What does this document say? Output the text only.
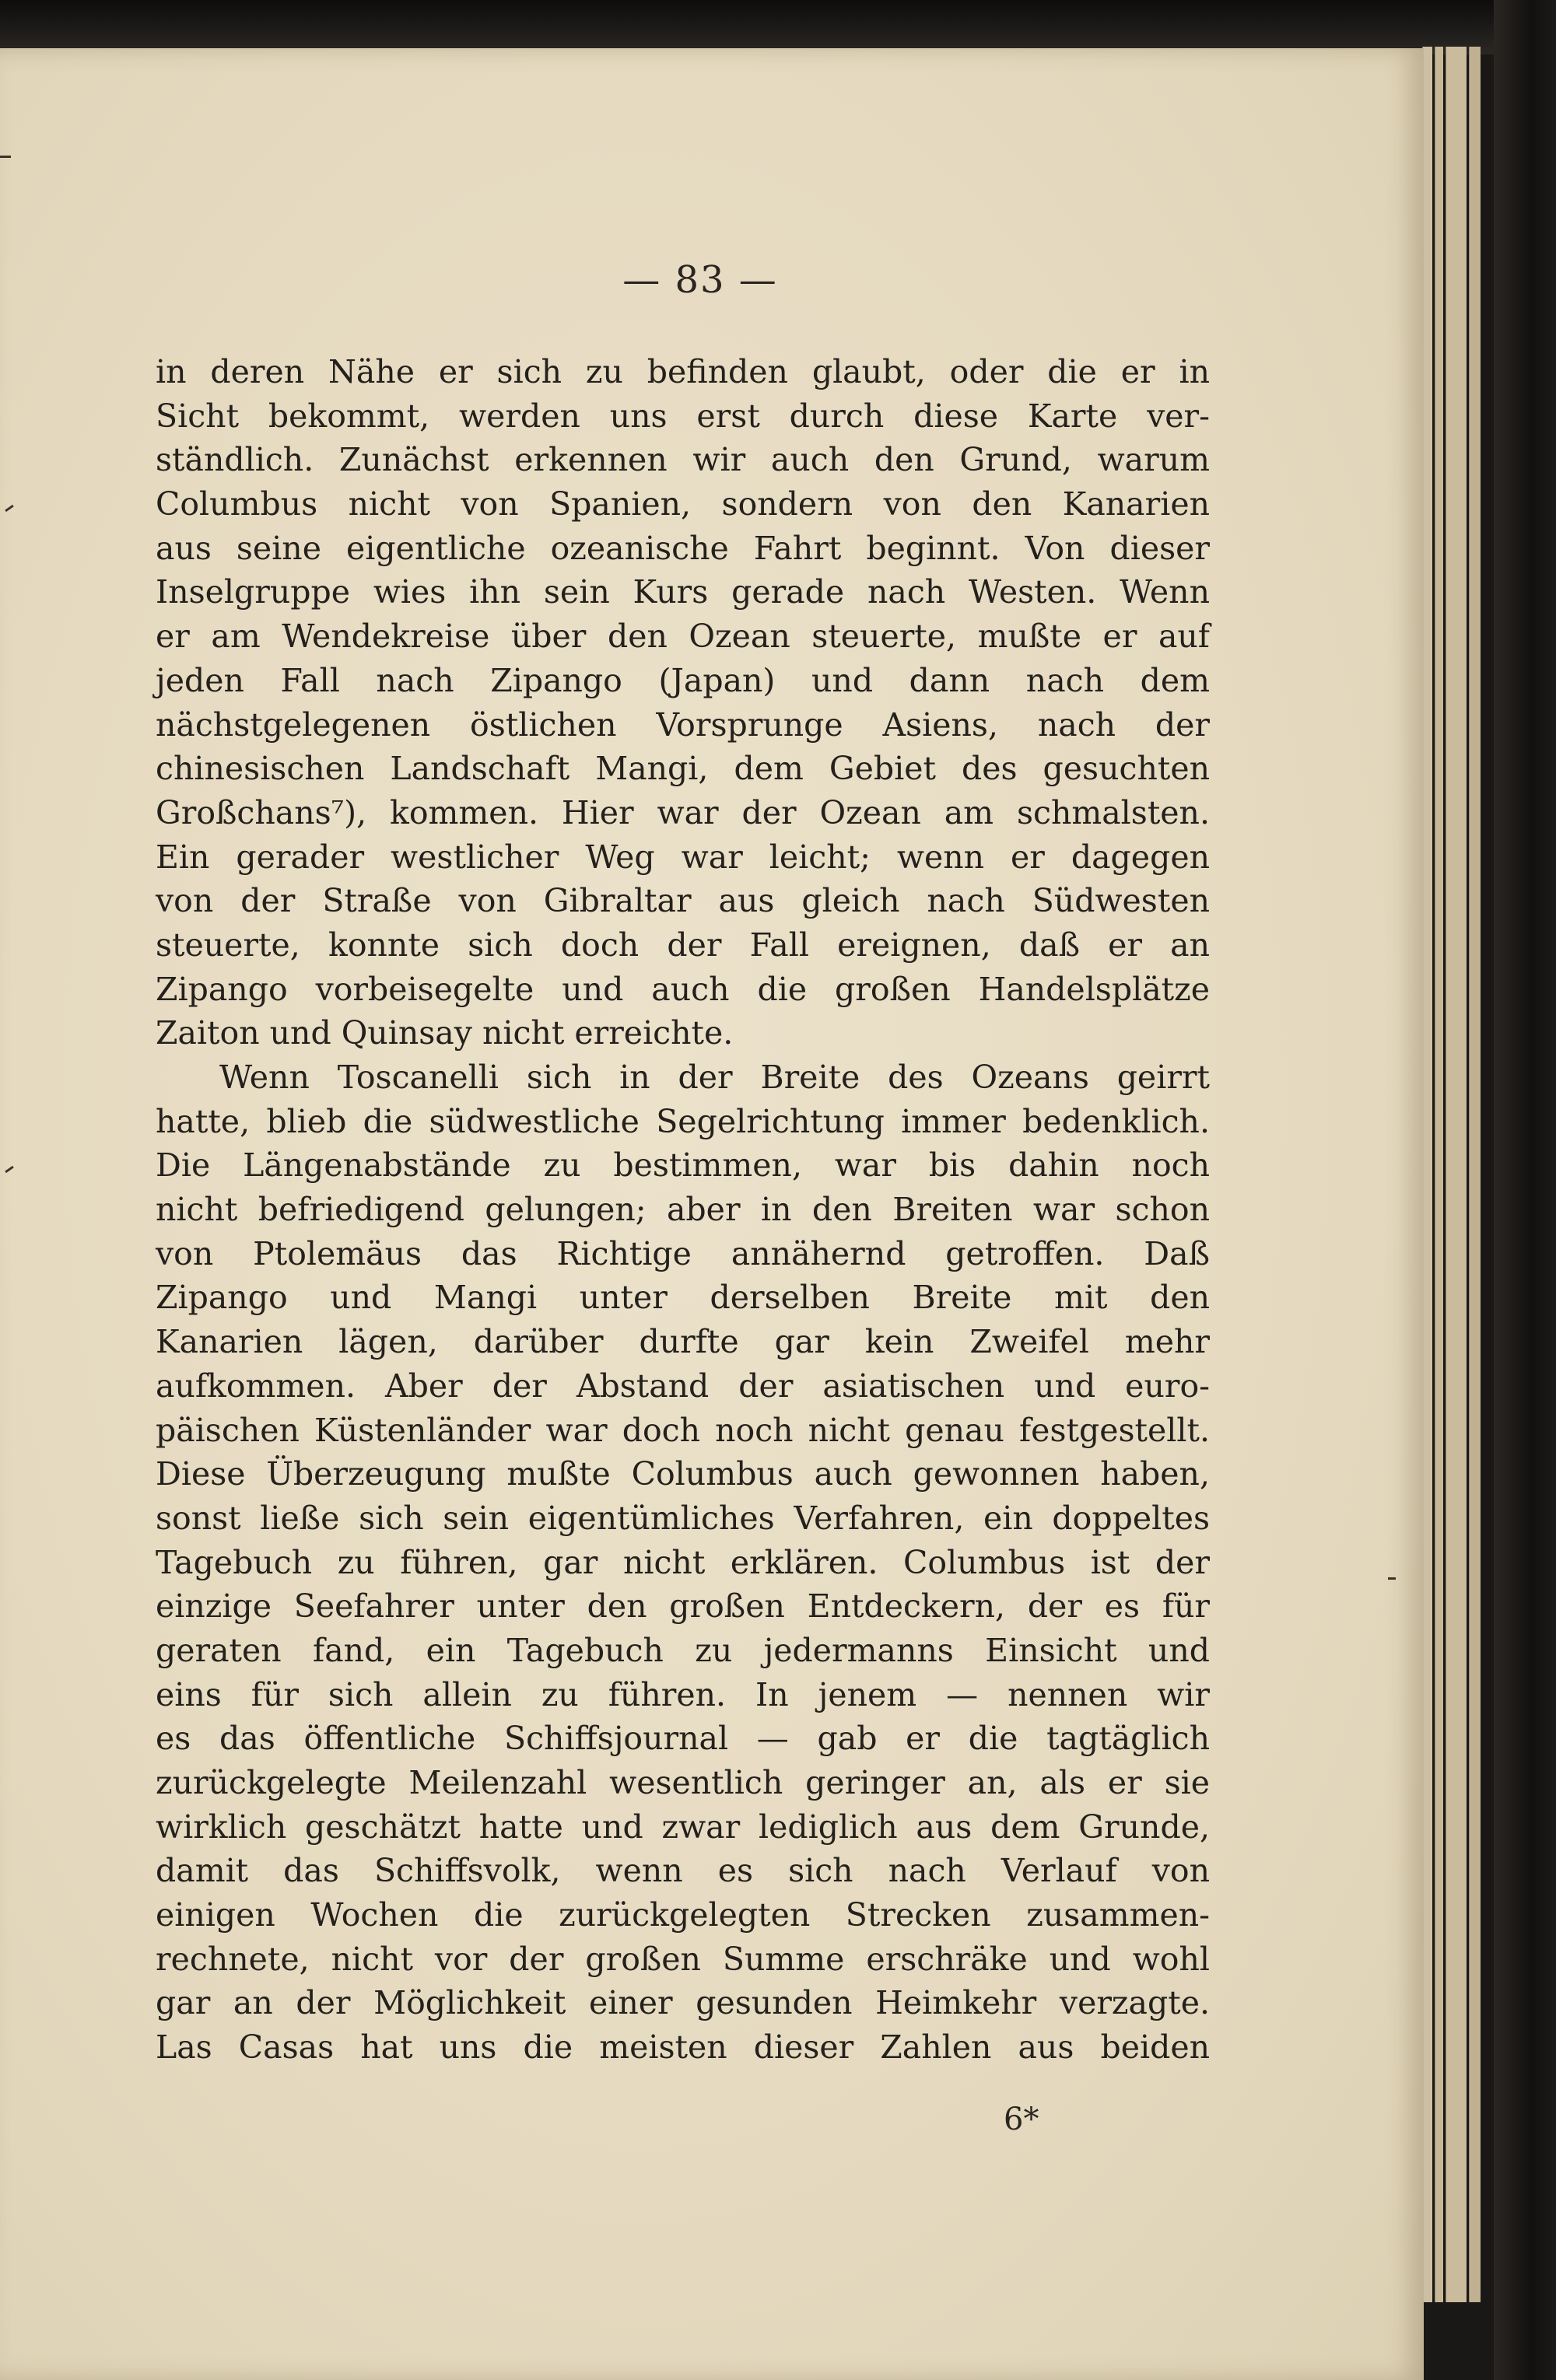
— 83 —
in deren Nähe er sich zu befinden glaubt, oder die er in
Sicht bekommt, werden uns erst durch diese Karte ver-
ständlich. Zunächst erkennen wir auch den Grund, warum
Columbus nicht von Spanien, sondern von den Kanarien
aus seine eigentliche ozeanische Fahrt beginnt. Von dieser
Inselgruppe wies ihn sein Kurs gerade nach Westen. Wenn
er am Wendekreise über den Ozean steuerte, mußte er auf
jeden Fall nach Zipango (Japan) und dann nach dem
nächstgelegenen östlichen Vorsprunge Asiens, nach der
chinesischen Landschaft Mangi, dem Gebiet des gesuchten
Großchans⁷), kommen. Hier war der Ozean am schmalsten.
Ein gerader westlicher Weg war leicht; wenn er dagegen
von der Straße von Gibraltar aus gleich nach Südwesten
steuerte, konnte sich doch der Fall ereignen, daß er an
Zipango vorbeisegelte und auch die großen Handelsplätze
Zaiton und Quinsay nicht erreichte.
Wenn Toscanelli sich in der Breite des Ozeans geirrt
hatte, blieb die südwestliche Segelrichtung immer bedenklich.
Die Längenabstände zu bestimmen, war bis dahin noch
nicht befriedigend gelungen; aber in den Breiten war schon
von Ptolemäus das Richtige annähernd getroffen. Daß
Zipango und Mangi unter derselben Breite mit den
Kanarien lägen, darüber durfte gar kein Zweifel mehr
aufkommen. Aber der Abstand der asiatischen und euro-
päischen Küstenländer war doch noch nicht genau festgestellt.
Diese Überzeugung mußte Columbus auch gewonnen haben,
sonst ließe sich sein eigentümliches Verfahren, ein doppeltes
Tagebuch zu führen, gar nicht erklären. Columbus ist der
einzige Seefahrer unter den großen Entdeckern, der es für
geraten fand, ein Tagebuch zu jedermanns Einsicht und
eins für sich allein zu führen. In jenem — nennen wir
es das öffentliche Schiffsjournal — gab er die tagtäglich
zurückgelegte Meilenzahl wesentlich geringer an, als er sie
wirklich geschätzt hatte und zwar lediglich aus dem Grunde,
damit das Schiffsvolk, wenn es sich nach Verlauf von
einigen Wochen die zurückgelegten Strecken zusammen-
rechnete, nicht vor der großen Summe erschräke und wohl
gar an der Möglichkeit einer gesunden Heimkehr verzagte.
Las Casas hat uns die meisten dieser Zahlen aus beiden
6*
